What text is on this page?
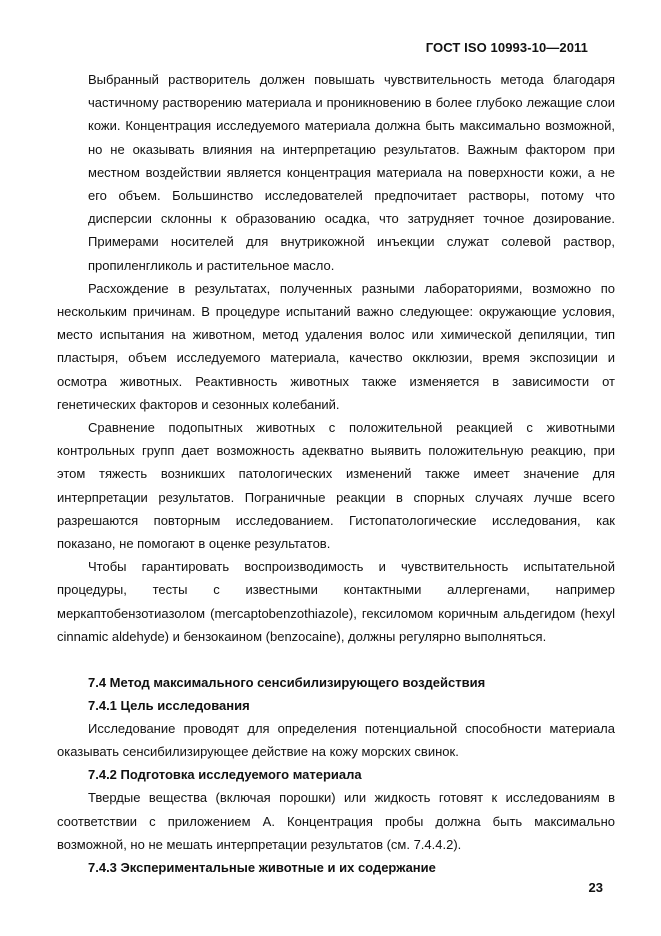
ГОСТ ISO 10993-10—2011

Выбранный растворитель должен повышать чувствительность метода благодаря частичному растворению материала и проникновению в более глубоко лежащие слои кожи. Концентрация исследуемого материала должна быть максимально возможной, но не оказывать влияния на интерпретацию результатов. Важным фактором при местном воздействии является концентрация материала на поверхности кожи, а не его объем. Большинство исследователей предпочитает растворы, потому что дисперсии склонны к образованию осадка, что затрудняет точное дозирование. Примерами носителей для внутрикожной инъекции служат солевой раствор, пропиленгликоль и растительное масло.

Расхождение в результатах, полученных разными лабораториями, возможно по нескольким причинам. В процедуре испытаний важно следующее: окружающие условия, место испытания на животном, метод удаления волос или химической депиляции, тип пластыря, объем исследуемого материала, качество окклюзии, время экспозиции и осмотра животных. Реактивность животных также изменяется в зависимости от генетических факторов и сезонных колебаний.

Сравнение подопытных животных с положительной реакцией с животными контрольных групп дает возможность адекватно выявить положительную реакцию, при этом тяжесть возникших патологических изменений также имеет значение для интерпретации результатов. Пограничные реакции в спорных случаях лучше всего разрешаются повторным исследованием. Гистопатологические исследования, как показано, не помогают в оценке результатов.

Чтобы гарантировать воспроизводимость и чувствительность испытательной процедуры, тесты с известными контактными аллергенами, например меркаптобензотиазолом (mercaptobenzothiazole), гексиломом коричным альдегидом (hexyl cinnamic aldehyde) и бензокаином (benzocaine), должны регулярно выполняться.

7.4 Метод максимального сенсибилизирующего воздействия

7.4.1 Цель исследования

Исследование проводят для определения потенциальной способности материала оказывать сенсибилизирующее действие на кожу морских свинок.

7.4.2 Подготовка исследуемого материала

Твердые вещества (включая порошки) или жидкость готовят к исследованиям в соответствии с приложением А. Концентрация пробы должна быть максимально возможной, но не мешать интерпретации результатов (см. 7.4.4.2).

7.4.3 Экспериментальные животные и их содержание

23
